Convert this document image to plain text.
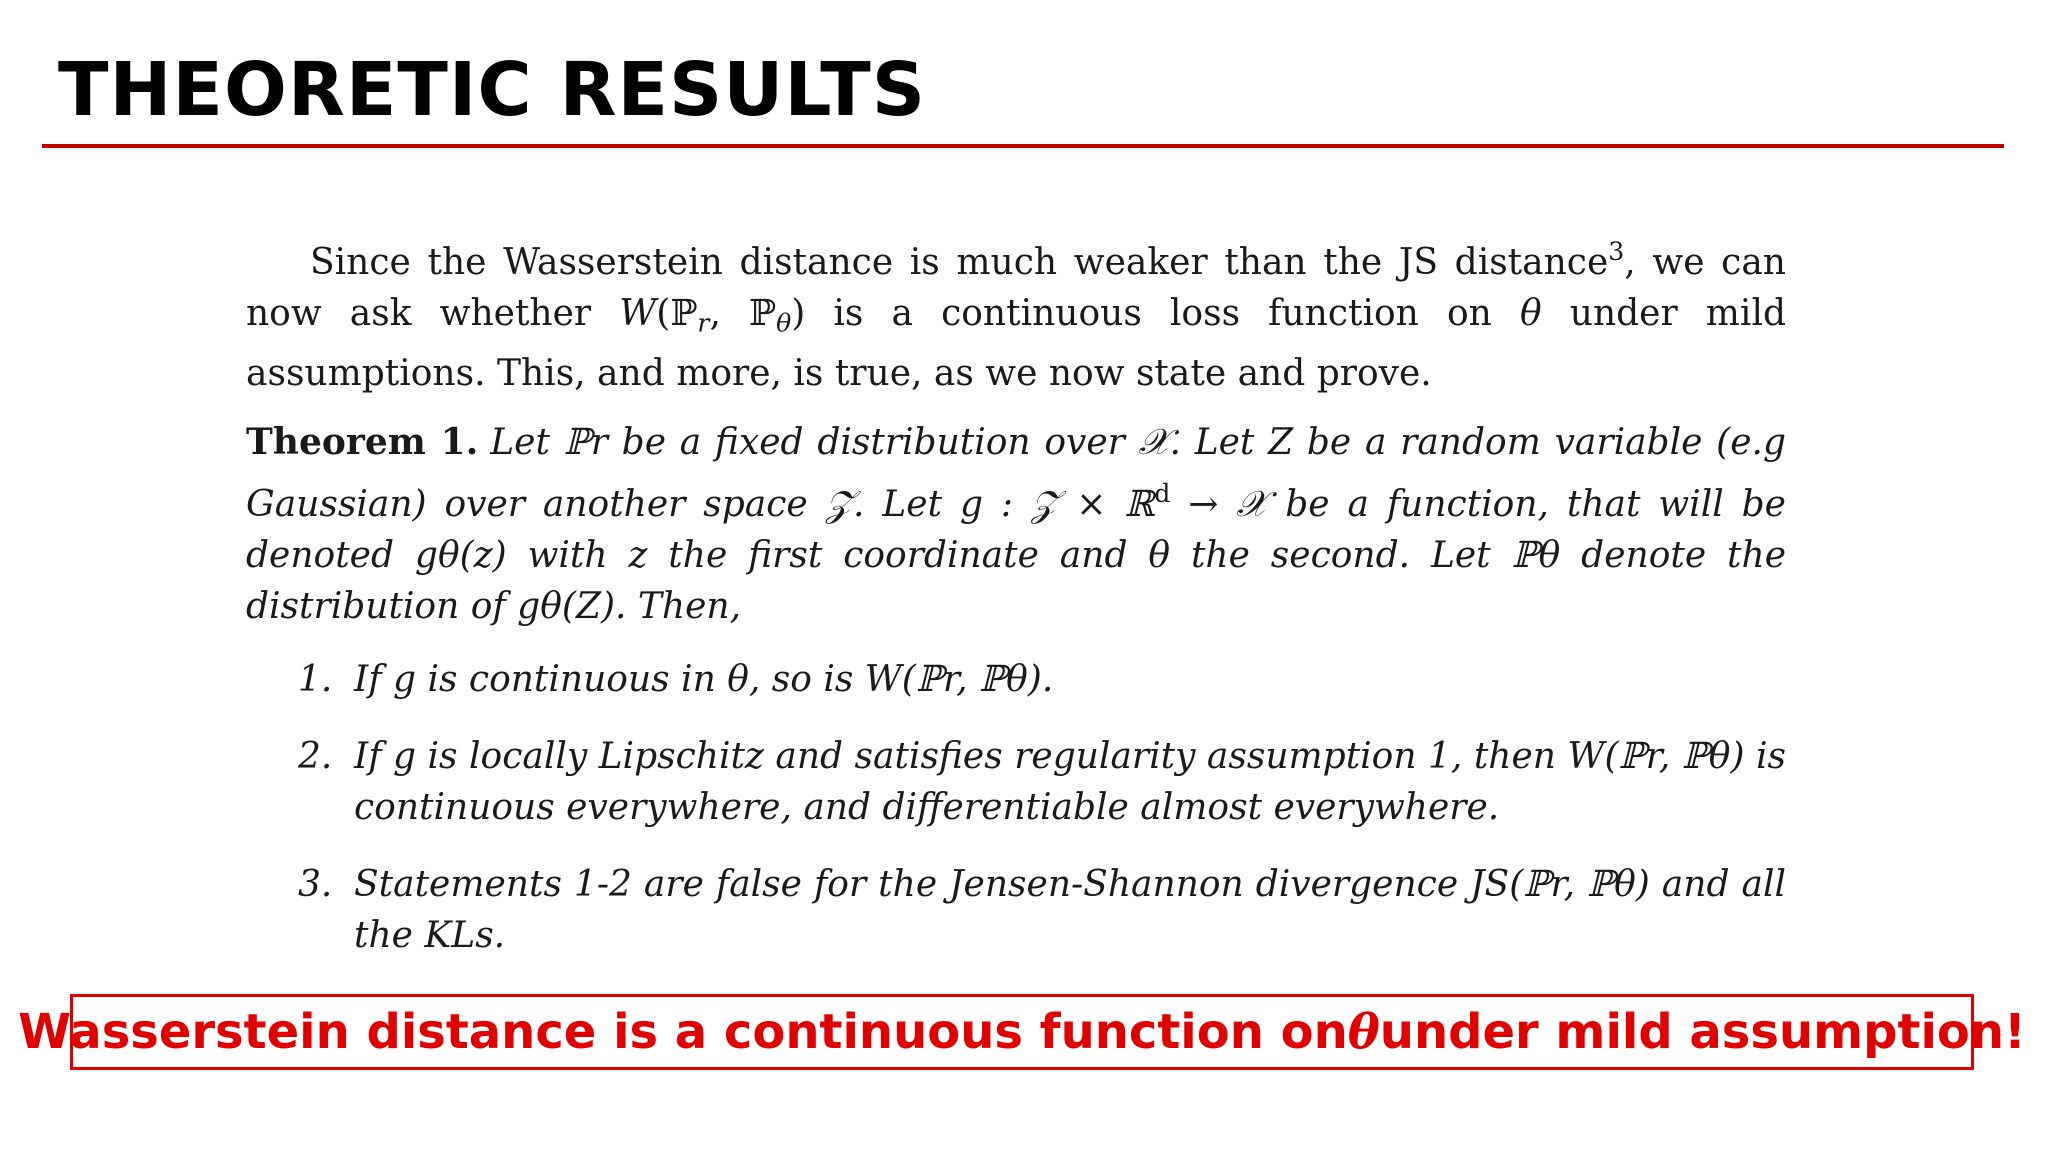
THEORETIC RESULTS

Since the Wasserstein distance is much weaker than the JS distance$^3$, we can now ask whether W(ℙ$_r$, ℙ$_\theta$) is a continuous loss function on θ under mild assumptions. This, and more, is true, as we now state and prove.

Theorem 1. Let ℙr be a fixed distribution over 𝒳. Let Z be a random variable (e.g Gaussian) over another space 𝒵. Let g : 𝒵 × ℝ$^d$ → 𝒳 be a function, that will be denoted gθ(z) with z the first coordinate and θ the second. Let ℙθ denote the distribution of gθ(Z). Then,

1. If g is continuous in θ, so is W(ℙr, ℙθ).
2. If g is locally Lipschitz and satisfies regularity assumption 1, then W(ℙr, ℙθ) is continuous everywhere, and differentiable almost everywhere.
3. Statements 1-2 are false for the Jensen-Shannon divergence JS(ℙr, ℙθ) and all the KLs.
Wasserstein distance is a continuous function on θ under mild assumption!
